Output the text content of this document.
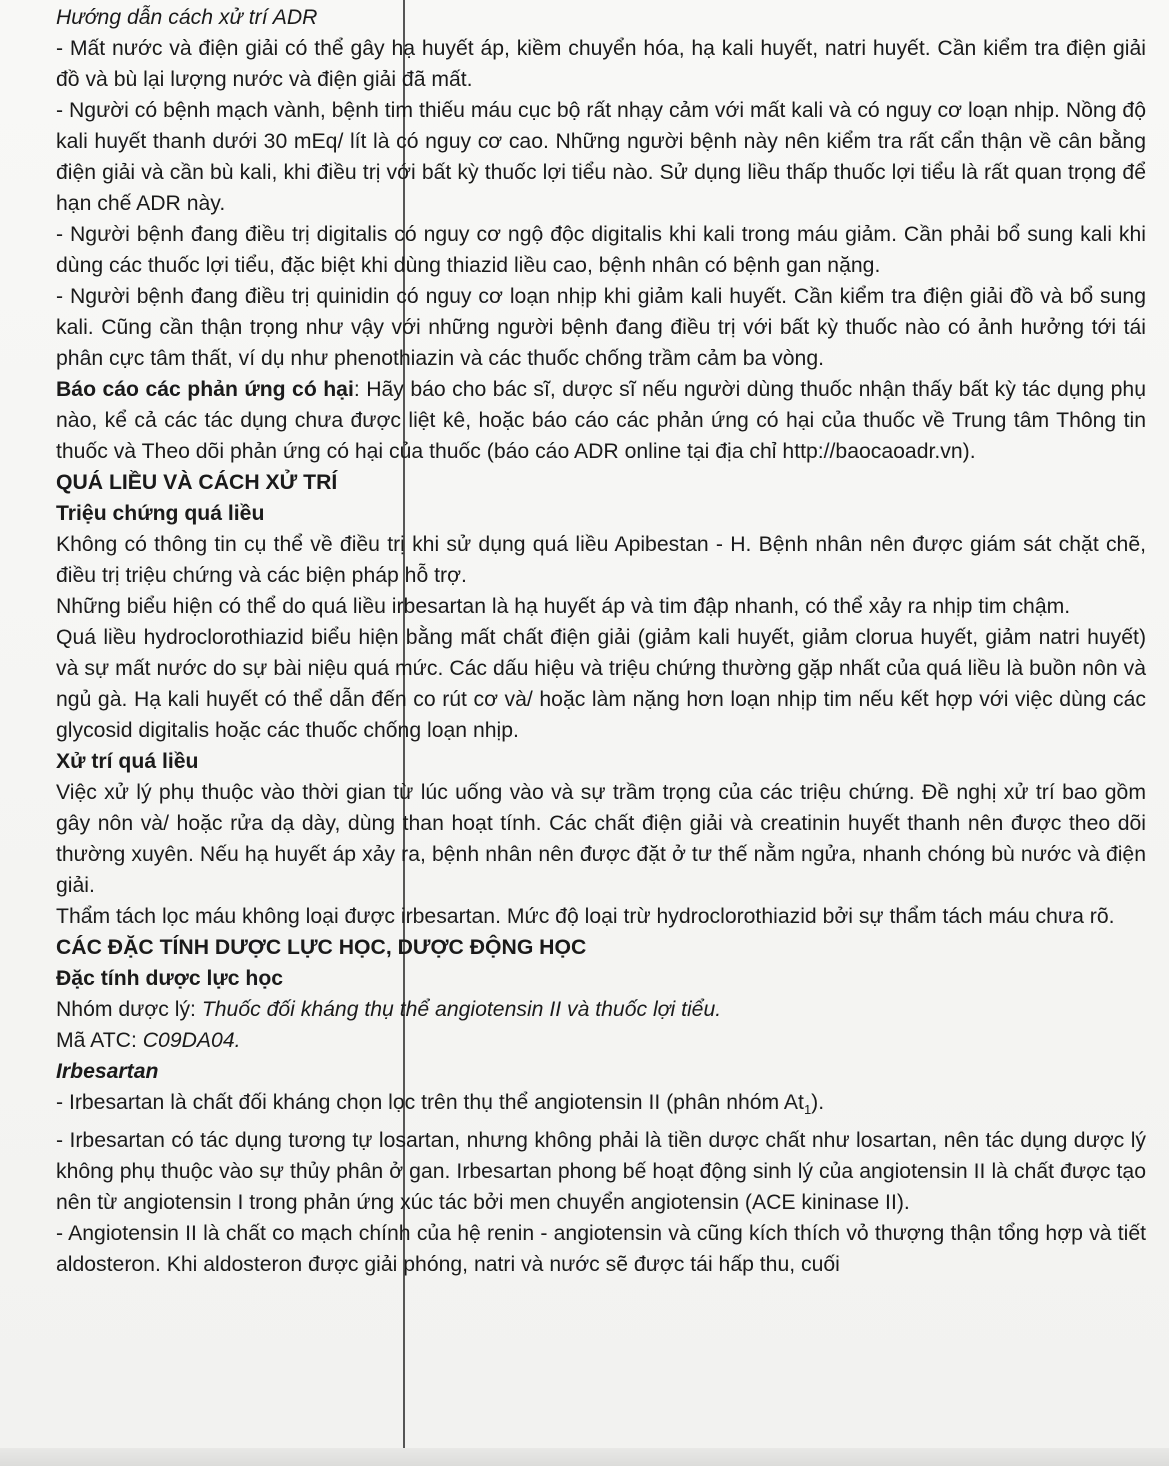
Hướng dẫn cách xử trí ADR

- Mất nước và điện giải có thể gây hạ huyết áp, kiềm chuyển hóa, hạ kali huyết, natri huyết. Cần kiểm tra điện giải đồ và bù lại lượng nước và điện giải đã mất.

- Người có bệnh mạch vành, bệnh tim thiếu máu cục bộ rất nhạy cảm với mất kali và có nguy cơ loạn nhịp. Nồng độ kali huyết thanh dưới 30 mEq/ lít là có nguy cơ cao. Những người bệnh này nên kiểm tra rất cẩn thận về cân bằng điện giải và cần bù kali, khi điều trị với bất kỳ thuốc lợi tiểu nào. Sử dụng liều thấp thuốc lợi tiểu là rất quan trọng để hạn chế ADR này.

- Người bệnh đang điều trị digitalis có nguy cơ ngộ độc digitalis khi kali trong máu giảm. Cần phải bổ sung kali khi dùng các thuốc lợi tiểu, đặc biệt khi dùng thiazid liều cao, bệnh nhân có bệnh gan nặng.

- Người bệnh đang điều trị quinidin có nguy cơ loạn nhịp khi giảm kali huyết. Cần kiểm tra điện giải đồ và bổ sung kali. Cũng cần thận trọng như vậy với những người bệnh đang điều trị với bất kỳ thuốc nào có ảnh hưởng tới tái phân cực tâm thất, ví dụ như phenothiazin và các thuốc chống trầm cảm ba vòng.

Báo cáo các phản ứng có hại: Hãy báo cho bác sĩ, dược sĩ nếu người dùng thuốc nhận thấy bất kỳ tác dụng phụ nào, kể cả các tác dụng chưa được liệt kê, hoặc báo cáo các phản ứng có hại của thuốc về Trung tâm Thông tin thuốc và Theo dõi phản ứng có hại của thuốc (báo cáo ADR online tại địa chỉ http://baocaoadr.vn).

QUÁ LIỀU VÀ CÁCH XỬ TRÍ

Triệu chứng quá liều

Không có thông tin cụ thể về điều trị khi sử dụng quá liều Apibestan - H. Bệnh nhân nên được giám sát chặt chẽ, điều trị triệu chứng và các biện pháp hỗ trợ.

Những biểu hiện có thể do quá liều irbesartan là hạ huyết áp và tim đập nhanh, có thể xảy ra nhịp tim chậm.

Quá liều hydroclorothiazid biểu hiện bằng mất chất điện giải (giảm kali huyết, giảm clorua huyết, giảm natri huyết) và sự mất nước do sự bài niệu quá mức. Các dấu hiệu và triệu chứng thường gặp nhất của quá liều là buồn nôn và ngủ gà. Hạ kali huyết có thể dẫn đến co rút cơ và/ hoặc làm nặng hơn loạn nhịp tim nếu kết hợp với việc dùng các glycosid digitalis hoặc các thuốc chống loạn nhịp.

Xử trí quá liều

Việc xử lý phụ thuộc vào thời gian từ lúc uống vào và sự trầm trọng của các triệu chứng. Đề nghị xử trí bao gồm gây nôn và/ hoặc rửa dạ dày, dùng than hoạt tính. Các chất điện giải và creatinin huyết thanh nên được theo dõi thường xuyên. Nếu hạ huyết áp xảy ra, bệnh nhân nên được đặt ở tư thế nằm ngửa, nhanh chóng bù nước và điện giải.

Thẩm tách lọc máu không loại được irbesartan. Mức độ loại trừ hydroclorothiazid bởi sự thẩm tách máu chưa rõ.

CÁC ĐẶC TÍNH DƯỢC LỰC HỌC, DƯỢC ĐỘNG HỌC

Đặc tính dược lực học

Nhóm dược lý: Thuốc đối kháng thụ thể angiotensin II và thuốc lợi tiểu.

Mã ATC: C09DA04.

Irbesartan

- Irbesartan là chất đối kháng chọn lọc trên thụ thể angiotensin II (phân nhóm $At_1$).

- Irbesartan có tác dụng tương tự losartan, nhưng không phải là tiền dược chất như losartan, nên tác dụng dược lý không phụ thuộc vào sự thủy phân ở gan. Irbesartan phong bế hoạt động sinh lý của angiotensin II là chất được tạo nên từ angiotensin I trong phản ứng xúc tác bởi men chuyển angiotensin (ACE kininase II).

- Angiotensin II là chất co mạch chính của hệ renin - angiotensin và cũng kích thích vỏ thượng thận tổng hợp và tiết aldosteron. Khi aldosteron được giải phóng, natri và nước sẽ được tái hấp thu, cuối
